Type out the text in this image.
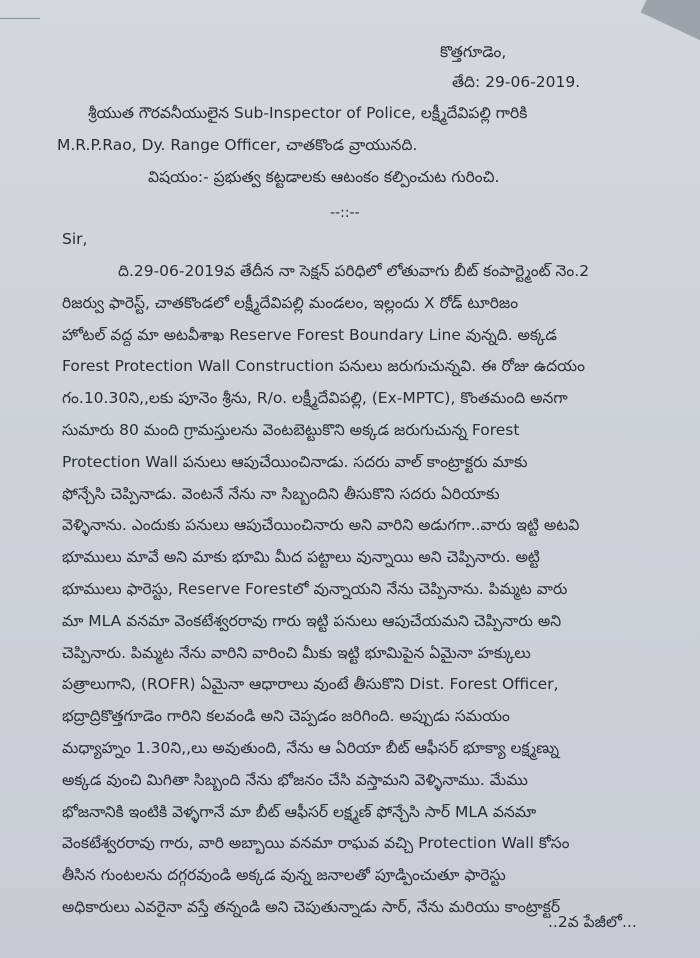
కొత్తగూడెం,
తేది: 29-06-2019.
శ్రీయుత గౌరవనీయులైన Sub-Inspector of Police, లక్ష్మీదేవిపల్లి గారికి
M.R.P.Rao, Dy. Range Officer, చాతకొండ వ్రాయునది.
విషయం:- ప్రభుత్వ కట్టడాలకు ఆటంకం కల్పించుట గురించి.
--::--
Sir,
ది.29-06-2019వ తేదీన నా సెక్షన్ పరిధిలో లోతువాగు బీట్ కంపార్ట్మెంట్ నెం.2
రిజర్వు ఫారెస్ట్, చాతకొండలో లక్ష్మీదేవిపల్లి మండలం, ఇల్లందు X రోడ్ టూరిజం
హోటల్ వద్ద మా అటవీశాఖ Reserve Forest Boundary Line వున్నది. అక్కడ
Forest Protection Wall Construction పనులు జరుగుచున్నవి. ఈ రోజు ఉదయం
గం.10.30ని,,లకు పూనెం శ్రీను, R/o. లక్ష్మీదేవిపల్లి, (Ex-MPTC), కొంతమంది అనగా
సుమారు 80 మంది గ్రామస్తులను వెంటబెట్టుకొని అక్కడ జరుగుచున్న Forest
Protection Wall పనులు ఆపుచేయించినాడు. సదరు వాల్ కాంట్రాక్టరు మాకు
ఫోన్చేసి చెప్పినాడు. వెంటనే నేను నా సిబ్బందిని తీసుకొని సదరు ఏరియాకు
వెళ్ళినాను. ఎందుకు పనులు ఆపుచేయించినారు అని వారిని అడుగగా..వారు ఇట్టి అటవి
భూములు మావే అని మాకు భూమి మీద పట్టాలు వున్నాయి అని చెప్పినారు. అట్టి
భూములు ఫారెస్టు, Reserve Forestలో వున్నాయని నేను చెప్పినాను. పిమ్మట వారు
మా MLA వనమా వెంకటేశ్వరరావు గారు ఇట్టి పనులు ఆపుచేయమని చెప్పినారు అని
చెప్పినారు. పిమ్మట నేను వారిని వారించి మీకు ఇట్టి భూమిపైన ఏమైనా హక్కులు
పత్రాలుగాని, (ROFR) ఏమైనా ఆధారాలు వుంటే తీసుకొని Dist. Forest Officer,
భద్రాద్రికొత్తగూడెం గారిని కలవండి అని చెప్పడం జరిగింది. అప్పుడు సమయం
మధ్యాహ్నం 1.30ని,,లు అవుతుంది, నేను ఆ ఏరియా బీట్ ఆఫీసర్ భూక్యా లక్ష్మణ్ను
అక్కడ వుంచి మిగితా సిబ్బంది నేను భోజనం చేసి వస్తామని వెళ్ళినాము. మేము
భోజనానికి ఇంటికి వెళ్ళగానే మా బీట్ ఆఫీసర్ లక్ష్మణ్ ఫోన్చేసి సార్ MLA వనమా
వెంకటేశ్వరరావు గారు, వారి అబ్బాయి వనమా రాఘవ వచ్చి Protection Wall కోసం
తీసిన గుంటలను దగ్గరవుండి అక్కడ వున్న జనాలతో పూడ్పించుతూ ఫారెస్టు
అధికారులు ఎవరైనా వస్తే తన్నండి అని చెపుతున్నాడు సార్, నేను మరియు కాంట్రాక్టర్
..2వ పేజీలో...
